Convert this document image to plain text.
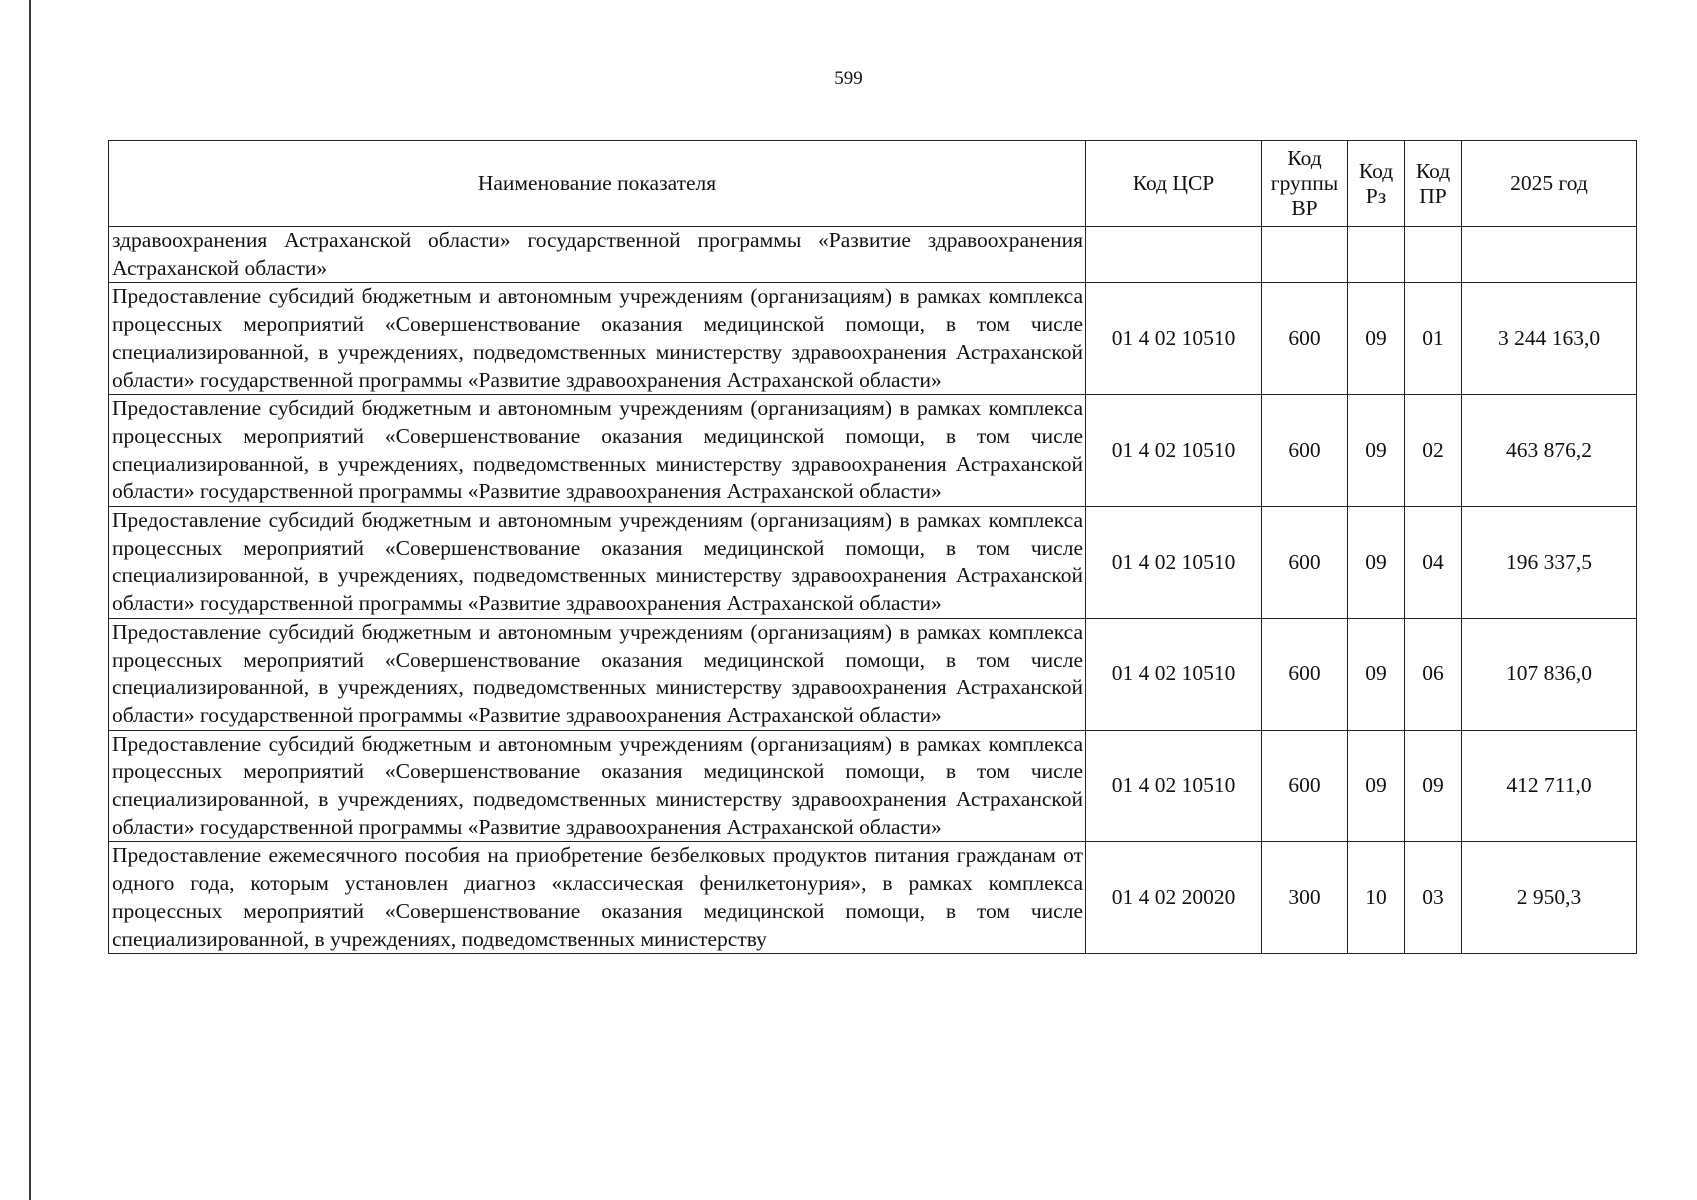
599
Наименование показателя	Код ЦСР	Код группы ВР	Код Рз	Код ПР	2025 год
здравоохранения Астраханской области» государственной программы «Развитие здравоохранения Астраханской области»					
Предоставление субсидий бюджетным и автономным учреждениям (организациям) в рамках комплекса процессных мероприятий «Совершенствование оказания медицинской помощи, в том числе специализированной, в учреждениях, подведомственных министерству здравоохранения Астраханской области» государственной программы «Развитие здравоохранения Астраханской области»	01 4 02 10510	600	09	01	3 244 163,0
Предоставление субсидий бюджетным и автономным учреждениям (организациям) в рамках комплекса процессных мероприятий «Совершенствование оказания медицинской помощи, в том числе специализированной, в учреждениях, подведомственных министерству здравоохранения Астраханской области» государственной программы «Развитие здравоохранения Астраханской области»	01 4 02 10510	600	09	02	463 876,2
Предоставление субсидий бюджетным и автономным учреждениям (организациям) в рамках комплекса процессных мероприятий «Совершенствование оказания медицинской помощи, в том числе специализированной, в учреждениях, подведомственных министерству здравоохранения Астраханской области» государственной программы «Развитие здравоохранения Астраханской области»	01 4 02 10510	600	09	04	196 337,5
Предоставление субсидий бюджетным и автономным учреждениям (организациям) в рамках комплекса процессных мероприятий «Совершенствование оказания медицинской помощи, в том числе специализированной, в учреждениях, подведомственных министерству здравоохранения Астраханской области» государственной программы «Развитие здравоохранения Астраханской области»	01 4 02 10510	600	09	06	107 836,0
Предоставление субсидий бюджетным и автономным учреждениям (организациям) в рамках комплекса процессных мероприятий «Совершенствование оказания медицинской помощи, в том числе специализированной, в учреждениях, подведомственных министерству здравоохранения Астраханской области» государственной программы «Развитие здравоохранения Астраханской области»	01 4 02 10510	600	09	09	412 711,0
Предоставление ежемесячного пособия на приобретение безбелковых продуктов питания гражданам от одного года, которым установлен диагноз «классическая фенилкетонурия», в рамках комплекса процессных мероприятий «Совершенствование оказания медицинской помощи, в том числе специализированной, в учреждениях, подведомственных министерству	01 4 02 20020	300	10	03	2 950,3
